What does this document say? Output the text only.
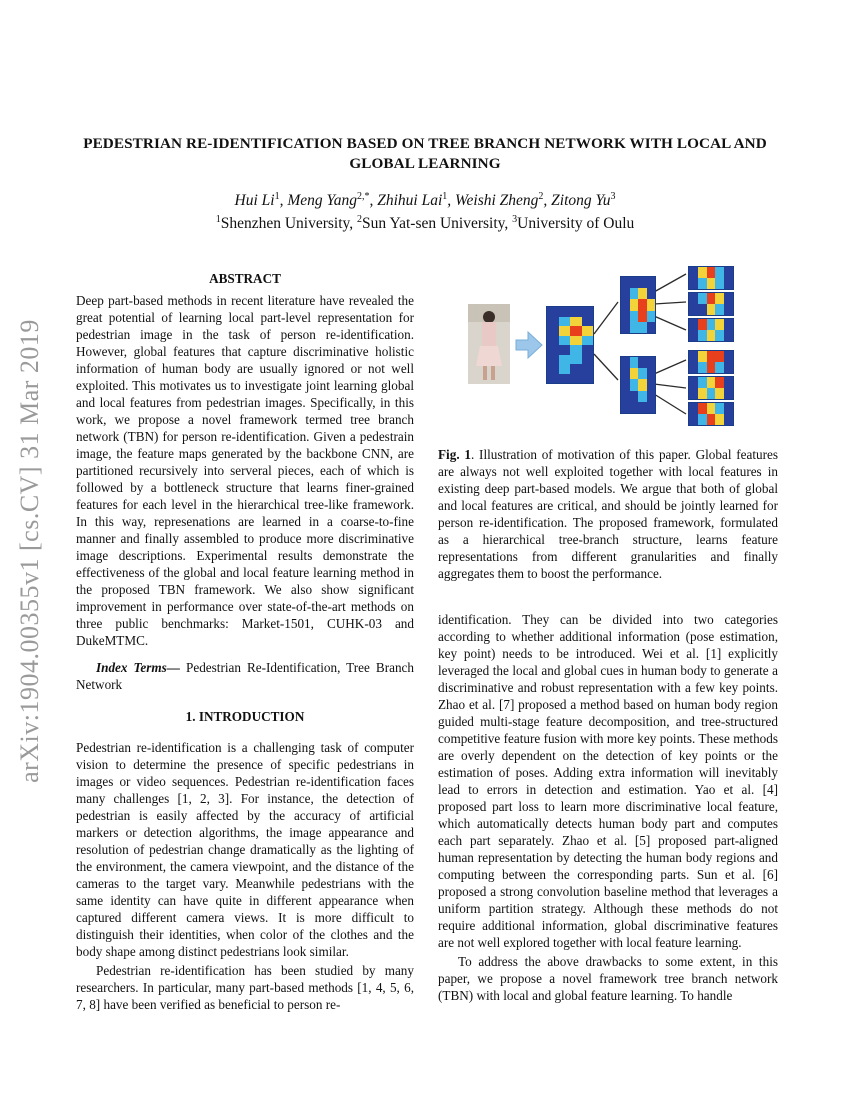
arXiv:1904.00355v1 [cs.CV] 31 Mar 2019
PEDESTRIAN RE-IDENTIFICATION BASED ON TREE BRANCH NETWORK WITH LOCAL AND GLOBAL LEARNING
Hui Li$^1$, Meng Yang$^{2,*}$, Zhihui Lai$^1$, Weishi Zheng$^2$, Zitong Yu$^3$
$^1$Shenzhen University, $^2$Sun Yat-sen University, $^3$University of Oulu
ABSTRACT

Deep part-based methods in recent literature have revealed the great potential of learning local part-level representation for pedestrian image in the task of person re-identification. However, global features that capture discriminative holistic information of human body are usually ignored or not well exploited. This motivates us to investigate joint learning global and local features from pedestrian images. Specifically, in this work, we propose a novel framework termed tree branch network (TBN) for person re-identification. Given a pedestrain image, the feature maps generated by the backbone CNN, are partitioned recursively into serveral pieces, each of which is followed by a bottleneck structure that learns finer-grained features for each level in the hierarchical tree-like framework. In this way, represenations are learned in a coarse-to-fine manner and finally assembled to produce more discriminative image descriptions. Experimental results demonstrate the effectiveness of the global and local feature learning method in the proposed TBN framework. We also show significant improvement in performance over state-of-the-art methods on three public benchmarks: Market-1501, CUHK-03 and DukeMTMC.

Index Terms— Pedestrian Re-Identification, Tree Branch Network

1. INTRODUCTION

Pedestrian re-identification is a challenging task of computer vision to determine the presence of specific pedestrians in images or video sequences. Pedestrian re-identification faces many challenges [1, 2, 3]. For instance, the detection of pedestrian is easily affected by the accuracy of artificial markers or detection algorithms, the image appearance and resolution of pedestrian change dramatically as the lighting of the environment, the camera viewpoint, and the distance of the cameras to the target vary. Meanwhile pedestrians with the same identity can have quite in different appearance when captured different camera views. It is more difficult to distinguish their identities, when color of the clothes and the body shape among distinct pedestrians look similar.

Pedestrian re-identification has been studied by many researchers. In particular, many part-based methods [1, 4, 5, 6, 7, 8] have been verified as beneficial to person re-

Fig. 1. Illustration of motivation of this paper. Global features are always not well exploited together with local features in existing deep part-based models. We argue that both of global and local features are critical, and should be jointly learned for person re-identification. The proposed framework, formulated as a hierarchical tree-branch structure, learns feature representations from different granularities and finally aggregates them to boost the performance.

identification. They can be divided into two categories according to whether additional information (pose estimation, key point) needs to be introduced. Wei et al. [1] explicitly leveraged the local and global cues in human body to generate a discriminative and robust representation with a few key points. Zhao et al. [7] proposed a method based on human body region guided multi-stage feature decomposition, and tree-structured competitive feature fusion with more key points. These methods are overly dependent on the detection of key points or the estimation of poses. Adding extra information will inevitably lead to errors in detection and estimation. Yao et al. [4] proposed part loss to learn more discriminative local feature, which automatically detects human body part and computes each part separately. Zhao et al. [5] proposed part-aligned human representation by detecting the human body regions and computing between the corresponding parts. Sun et al. [6] proposed a strong convolution baseline method that leverages a uniform partition strategy. Although these methods do not require additional information, global discriminative features are not well explored together with local feature learning.

To address the above drawbacks to some extent, in this paper, we propose a novel framework tree branch network (TBN) with local and global feature learning. To handle
